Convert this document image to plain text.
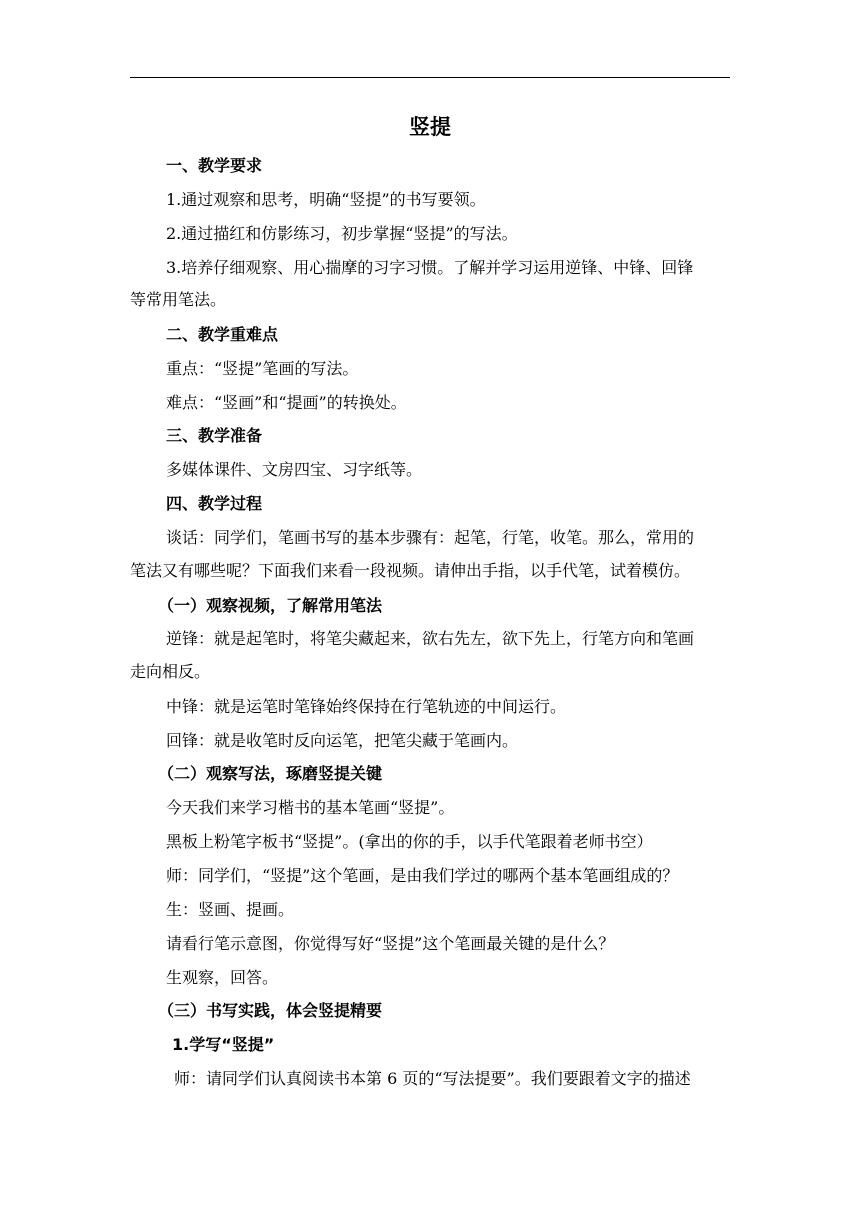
竖提
一、教学要求
1.通过观察和思考，明确“竖提”的书写要领。
2.通过描红和仿影练习，初步掌握“竖提”的写法。
3.培养仔细观察、用心揣摩的习字习惯。了解并学习运用逆锋、中锋、回锋
等常用笔法。
二、教学重难点
重点：“竖提”笔画的写法。
难点：“竖画”和“提画”的转换处。
三、教学准备
多媒体课件、文房四宝、习字纸等。
四、教学过程
谈话：同学们，笔画书写的基本步骤有：起笔，行笔，收笔。那么，常用的
笔法又有哪些呢？下面我们来看一段视频。请伸出手指，以手代笔，试着模仿。
（一）观察视频，了解常用笔法
逆锋：就是起笔时，将笔尖藏起来，欲右先左，欲下先上，行笔方向和笔画
走向相反。
中锋：就是运笔时笔锋始终保持在行笔轨迹的中间运行。
回锋：就是收笔时反向运笔，把笔尖藏于笔画内。
（二）观察写法，琢磨竖提关键
今天我们来学习楷书的基本笔画“竖提”。
黑板上粉笔字板书“竖提”。(拿出的你的手，以手代笔跟着老师书空）
师：同学们，“竖提”这个笔画，是由我们学过的哪两个基本笔画组成的？
生：竖画、提画。
请看行笔示意图，你觉得写好“竖提”这个笔画最关键的是什么？
生观察，回答。
（三）书写实践，体会竖提精要
1.学写“竖提”
师：请同学们认真阅读书本第 6 页的“写法提要”。我们要跟着文字的描述
